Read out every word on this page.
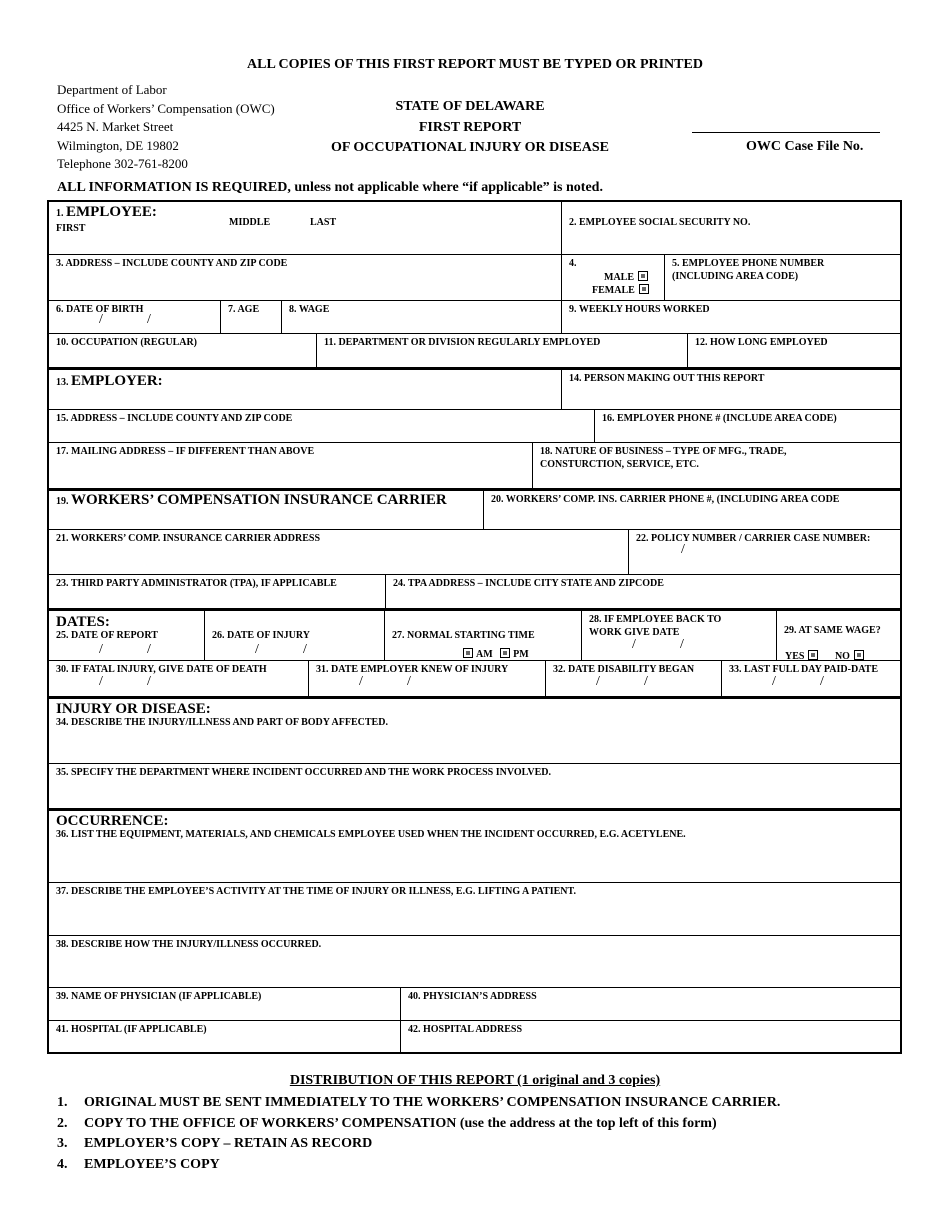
ALL COPIES OF THIS FIRST REPORT MUST BE TYPED OR PRINTED
Department of Labor
Office of Workers’ Compensation (OWC)
4425 N. Market Street
Wilmington, DE 19802
Telephone 302-761-8200
STATE OF DELAWARE
FIRST REPORT
OF OCCUPATIONAL INJURY OR DISEASE	OWC Case File No.
ALL INFORMATION IS REQUIRED, unless not applicable where “if applicable” is noted.
1. EMPLOYEE:
FIRST
MIDDLE	LAST	2. EMPLOYEE SOCIAL SECURITY NO.
3. ADDRESS – INCLUDE COUNTY AND ZIP CODE	4.
MALE
FEMALE
5. EMPLOYEE PHONE NUMBER
(INCLUDING AREA CODE)
6. DATE OF BIRTH
/	/
7. AGE	8. WAGE	9. WEEKLY HOURS WORKED
10. OCCUPATION (REGULAR)	11. DEPARTMENT OR DIVISION REGULARLY EMPLOYED	12. HOW LONG EMPLOYED
13. EMPLOYER:	14. PERSON MAKING OUT THIS REPORT
15. ADDRESS – INCLUDE COUNTY AND ZIP CODE	16. EMPLOYER PHONE # (INCLUDE AREA CODE)
17. MAILING ADDRESS – IF DIFFERENT THAN ABOVE	18. NATURE OF BUSINESS – TYPE OF MFG., TRADE,
CONSTURCTION, SERVICE, ETC.
19. WORKERS’ COMPENSATION INSURANCE CARRIER	20. WORKERS’ COMP. INS. CARRIER PHONE #, (INCLUDING AREA CODE
21. WORKERS’ COMP. INSURANCE CARRIER ADDRESS	22. POLICY NUMBER / CARRIER CASE NUMBER:
/
23. THIRD PARTY ADMINISTRATOR (TPA), IF APPLICABLE	24. TPA ADDRESS – INCLUDE CITY STATE AND ZIPCODE
DATES:
25. DATE OF REPORT
/	/
26. DATE OF INJURY
/	/
27. NORMAL STARTING TIME
AM PM
28. IF EMPLOYEE BACK TO
WORK GIVE DATE
/	/
29. AT SAME WAGE?
YES	NO
30. IF FATAL INJURY, GIVE DATE OF DEATH
/	/
31. DATE EMPLOYER KNEW OF INJURY
/	/
32. DATE DISABILITY BEGAN
/	/
33. LAST FULL DAY PAID-DATE
/	/
INJURY OR DISEASE:
34. DESCRIBE THE INJURY/ILLNESS AND PART OF BODY AFFECTED.
35. SPECIFY THE DEPARTMENT WHERE INCIDENT OCCURRED AND THE WORK PROCESS INVOLVED.
OCCURRENCE:
36. LIST THE EQUIPMENT, MATERIALS, AND CHEMICALS EMPLOYEE USED WHEN THE INCIDENT OCCURRED, E.G. ACETYLENE.
37. DESCRIBE THE EMPLOYEE’S ACTIVITY AT THE TIME OF INJURY OR ILLNESS, E.G. LIFTING A PATIENT.
38. DESCRIBE HOW THE INJURY/ILLNESS OCCURRED.
39. NAME OF PHYSICIAN (IF APPLICABLE)	40. PHYSICIAN’S ADDRESS
41. HOSPITAL (IF APPLICABLE)	42. HOSPITAL ADDRESS
DISTRIBUTION OF THIS REPORT (1 original and 3 copies)
1. ORIGINAL MUST BE SENT IMMEDIATELY TO THE WORKERS’ COMPENSATION INSURANCE CARRIER.
2. COPY TO THE OFFICE OF WORKERS’ COMPENSATION (use the address at the top left of this form)
3. EMPLOYER’S COPY – RETAIN AS RECORD
4. EMPLOYEE’S COPY
